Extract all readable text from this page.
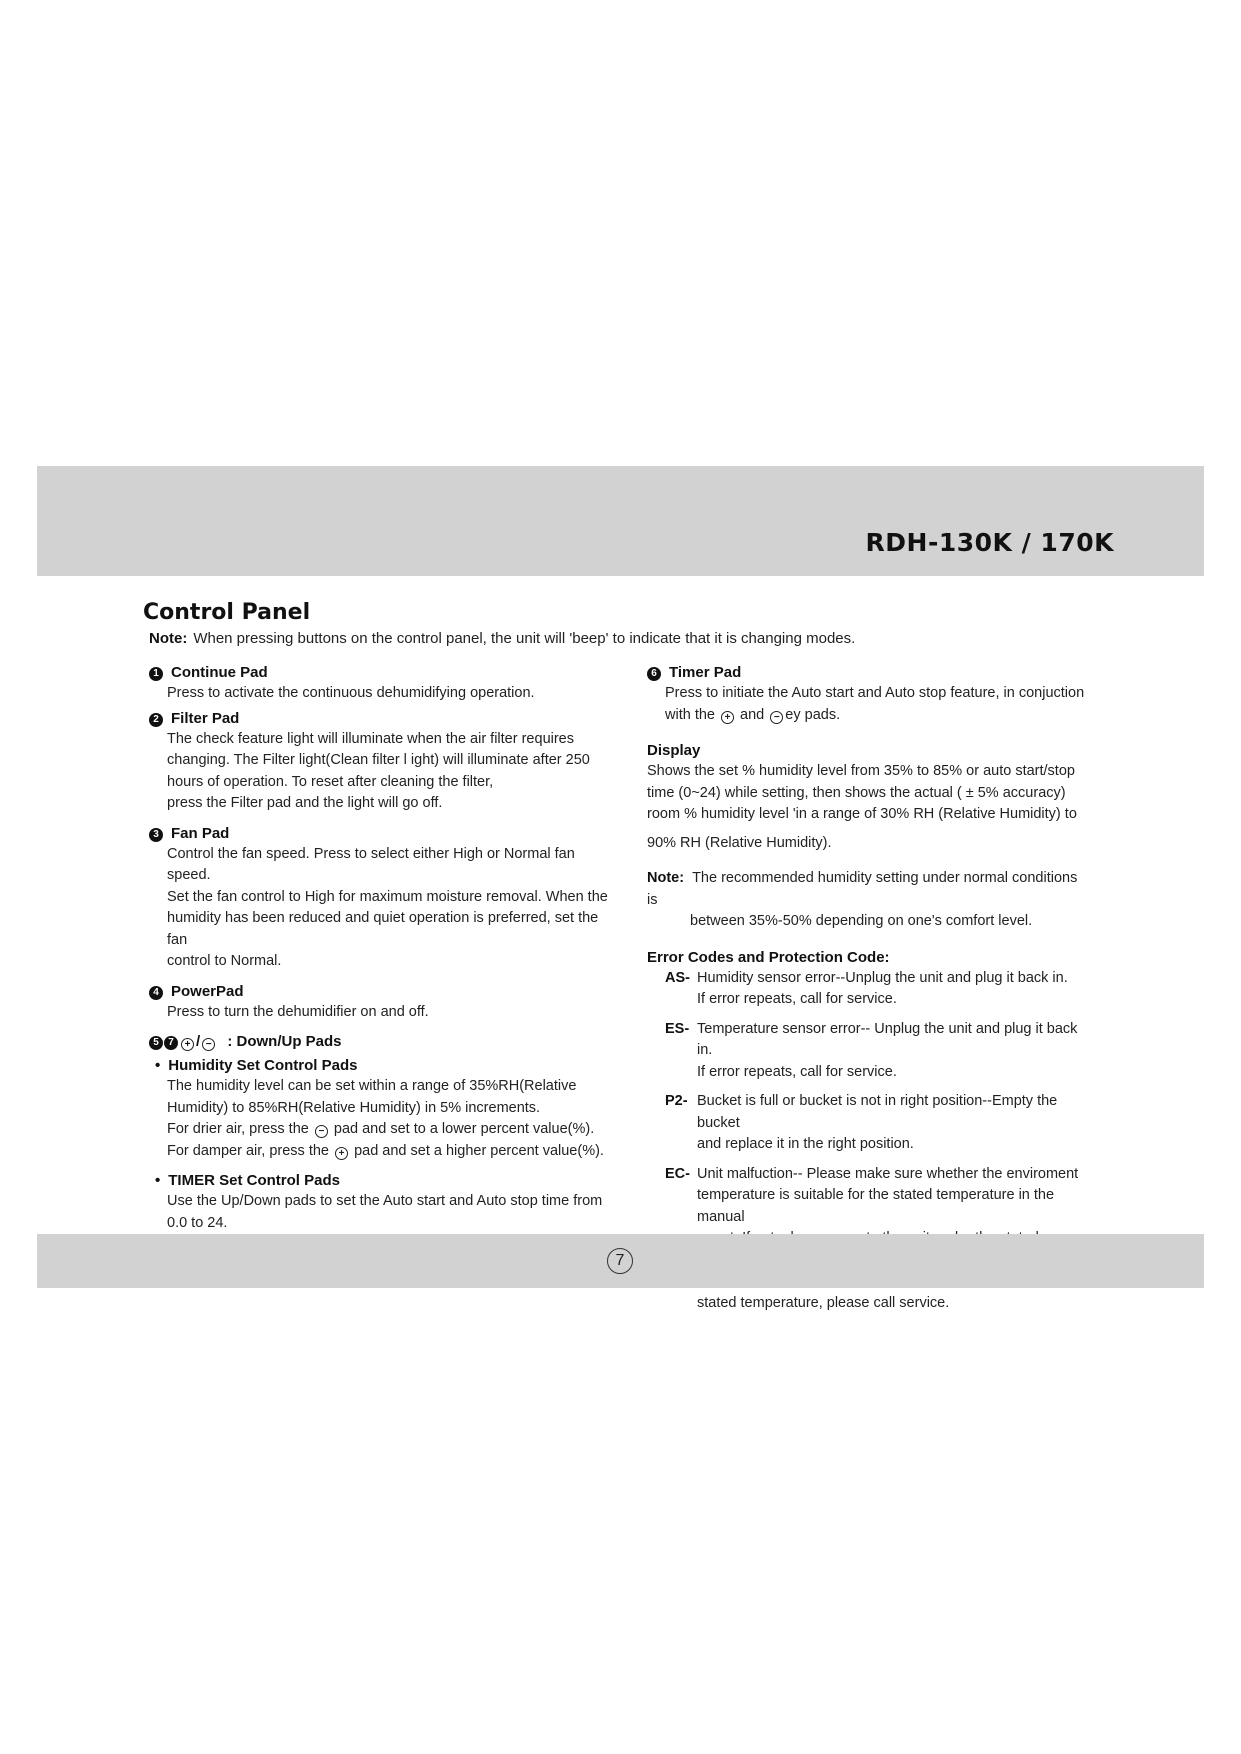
RDH-130K / 170K
Control Panel
Note: When pressing buttons on the control panel, the unit will 'beep' to indicate that it is changing modes.
1 Continue Pad
Press to activate the continuous dehumidifying operation.
2 Filter Pad
The check feature light will illuminate when the air filter requires
changing. The Filter light(Clean filter l ight) will illuminate after 250
hours of operation. To reset after cleaning the filter,
press the Filter pad and the light will go off.
3 Fan Pad
Control the fan speed. Press to select either High or Normal fan speed.
Set the fan control to High for maximum moisture removal. When the
humidity has been reduced and quiet operation is preferred, set the fan
control to Normal.
4 PowerPad
Press to turn the dehumidifier on and off.
5 7 + / − : Down/Up Pads
• Humidity Set Control Pads
The humidity level can be set within a range of 35%RH(Relative
Humidity) to 85%RH(Relative Humidity) in 5% increments.
For drier air, press the − pad and set to a lower percent value(%).
For damper air, press the + pad and set a higher percent value(%).
• TIMER Set Control Pads
Use the Up/Down pads to set the Auto start and Auto stop time from
0.0 to 24.
6 Timer Pad
Press to initiate the Auto start and Auto stop feature, in conjuction
with the + and − ey pads.
Display
Shows the set % humidity level from 35% to 85% or auto start/stop
time (0~24) while setting, then shows the actual ( ± 5% accuracy)
room % humidity level 'in a range of 30% RH (Relative Humidity) to
90% RH (Relative Humidity).
Note: The recommended humidity setting under normal conditions is
between 35%-50% depending on one's comfort level.
Error Codes and Protection Code:
AS- Humidity sensor error--Unplug the unit and plug it back in.
If error repeats, call for service.
ES- Temperature sensor error-- Unplug the unit and plug it back in.
If error repeats, call for service.
P2- Bucket is full or bucket is not in right position--Empty the bucket
and replace it in the right position.
EC- Unit malfuction-- Please make sure whether the enviroment
temperature is suitable for the stated temperature in the manual
stated temperature, please call service.
7
